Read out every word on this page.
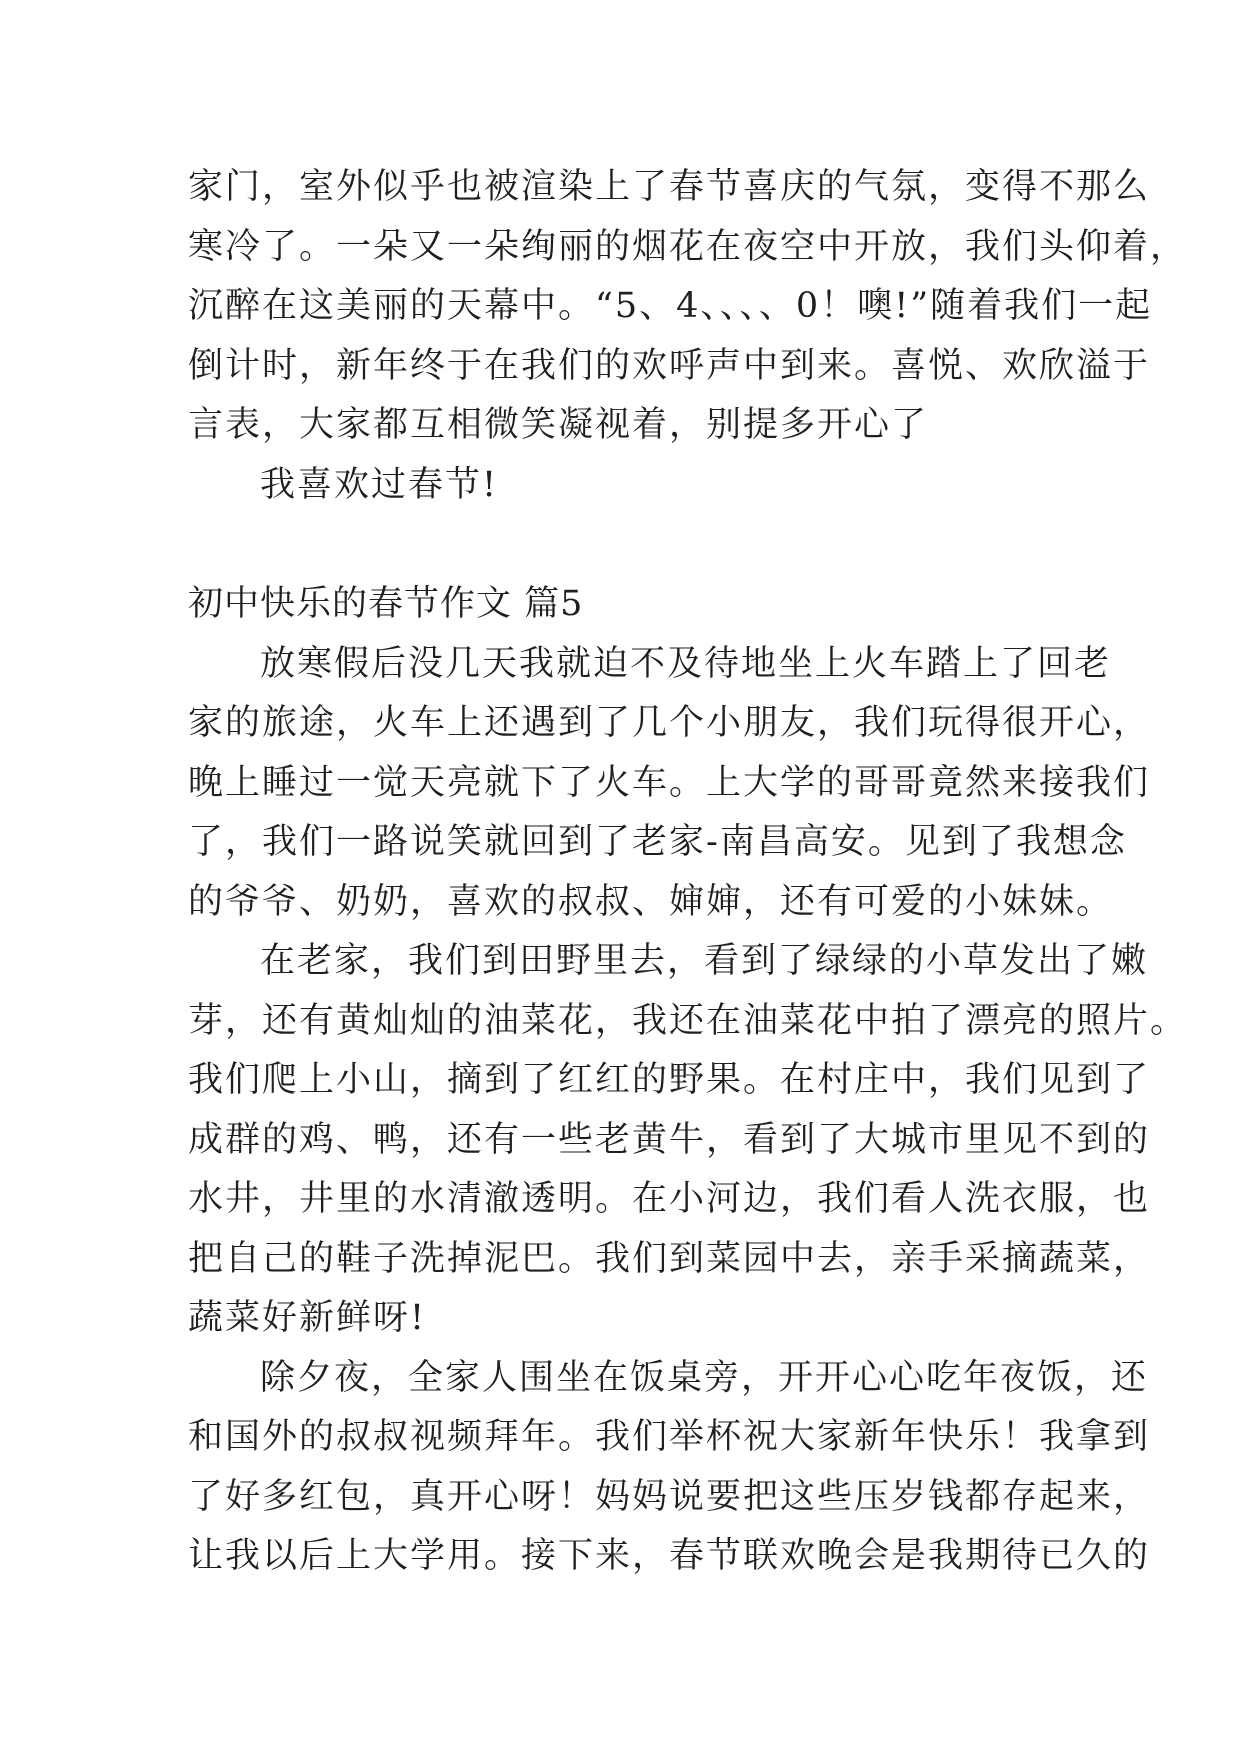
家门，室外似乎也被渲染上了春节喜庆的气氛，变得不那么
寒冷了。一朵又一朵绚丽的烟花在夜空中开放，我们头仰着，
沉醉在这美丽的天幕中。“5、4、、、、0！噢!”随着我们一起
倒计时，新年终于在我们的欢呼声中到来。喜悦、欢欣溢于
言表，大家都互相微笑凝视着，别提多开心了
我喜欢过春节!
初中快乐的春节作文 篇5
放寒假后没几天我就迫不及待地坐上火车踏上了回老
家的旅途，火车上还遇到了几个小朋友，我们玩得很开心，
晚上睡过一觉天亮就下了火车。上大学的哥哥竟然来接我们
了，我们一路说笑就回到了老家-南昌高安。见到了我想念
的爷爷、奶奶，喜欢的叔叔、婶婶，还有可爱的小妹妹。
在老家，我们到田野里去，看到了绿绿的小草发出了嫩
芽，还有黄灿灿的油菜花，我还在油菜花中拍了漂亮的照片。
我们爬上小山，摘到了红红的野果。在村庄中，我们见到了
成群的鸡、鸭，还有一些老黄牛，看到了大城市里见不到的
水井，井里的水清澈透明。在小河边，我们看人洗衣服，也
把自己的鞋子洗掉泥巴。我们到菜园中去，亲手采摘蔬菜，
蔬菜好新鲜呀!
除夕夜，全家人围坐在饭桌旁，开开心心吃年夜饭，还
和国外的叔叔视频拜年。我们举杯祝大家新年快乐！我拿到
了好多红包，真开心呀！妈妈说要把这些压岁钱都存起来，
让我以后上大学用。接下来，春节联欢晚会是我期待已久的
